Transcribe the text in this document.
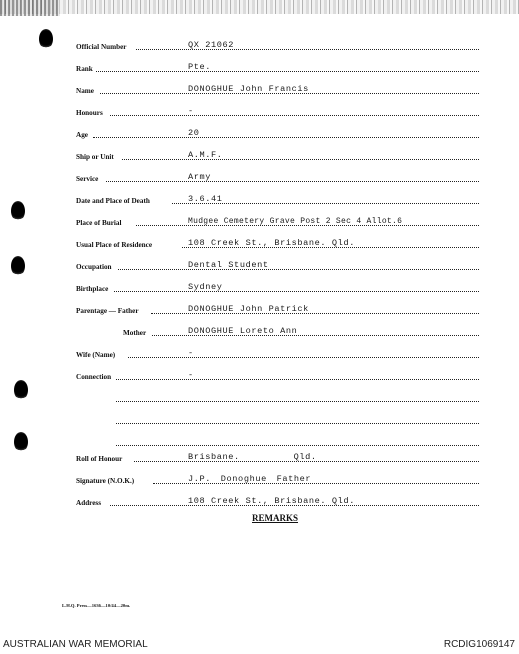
Official Number	QX 21062
Rank	Pte.
Name	DONOGHUE John Francis
Honours	-
Age	20
Ship or Unit	A.M.F.
Service	Army
Date and Place of Death	3.6.41
Place of Burial	Mudgee Cemetery Grave Post 2 Sec 4 Allot.6
Usual Place of Residence	108 Creek St., Brisbane. Qld.
Occupation	Dental Student
Birthplace	Sydney
Parentage — Father	DONOGHUE John Patrick
Mother	DONOGHUE Loreto Ann
Wife (Name)	-
Connection	-
Roll of Honour	Brisbane. Qld.
Signature (N.O.K.)	J.P. Donoghue Father
Address	108 Creek St., Brisbane. Qld.
REMARKS
L.H.Q. Press—1636—10/44—20m.
AUSTRALIAN WAR MEMORIAL	RCDIG1069147
